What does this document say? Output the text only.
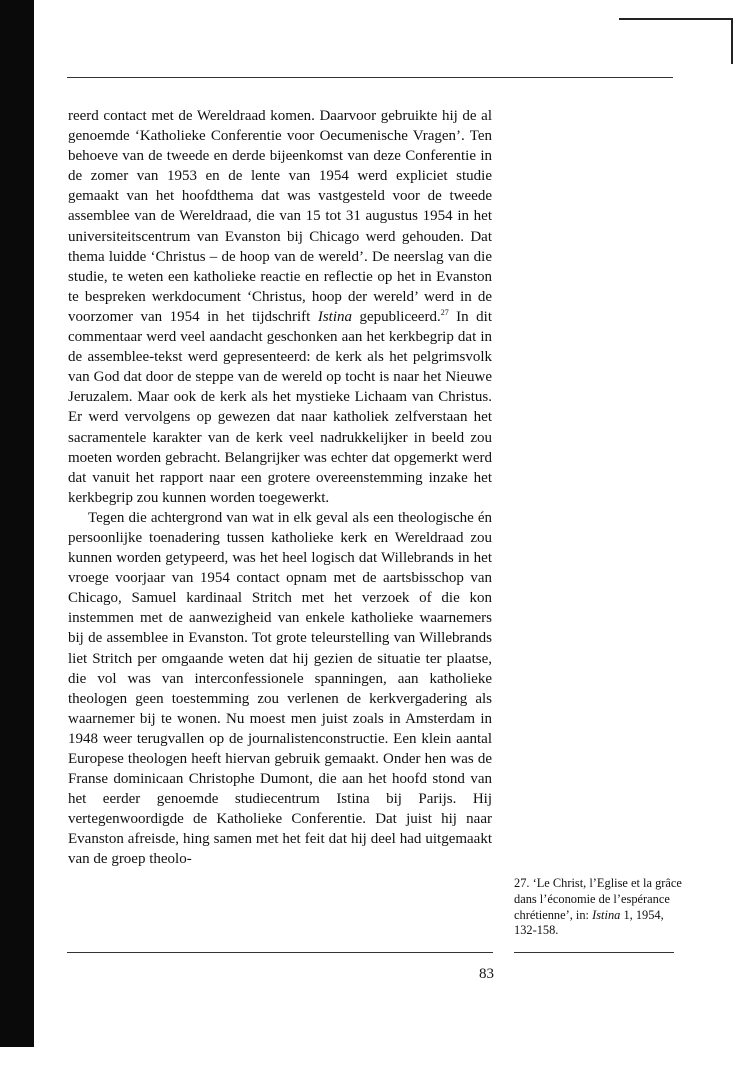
reerd contact met de Wereldraad komen. Daarvoor gebruikte hij de al genoemde ‘Katholieke Conferentie voor Oecumenische Vragen’. Ten behoeve van de tweede en derde bijeenkomst van deze Conferentie in de zomer van 1953 en de lente van 1954 werd expliciet studie gemaakt van het hoofdthema dat was vastgesteld voor de tweede assemblee van de Wereldraad, die van 15 tot 31 augustus 1954 in het universiteitscentrum van Evanston bij Chicago werd gehouden. Dat thema luidde ‘Christus – de hoop van de wereld’. De neerslag van die studie, te weten een katholieke reactie en reflectie op het in Evanston te bespreken werkdocument ‘Christus, hoop der wereld’ werd in de voorzomer van 1954 in het tijdschrift Istina gepubliceerd.$^{27}$ In dit commentaar werd veel aandacht geschonken aan het kerkbegrip dat in de assemblee-tekst werd gepresenteerd: de kerk als het pelgrimsvolk van God dat door de steppe van de wereld op tocht is naar het Nieuwe Jeruzalem. Maar ook de kerk als het mystieke Lichaam van Christus. Er werd vervolgens op gewezen dat naar katholiek zelfverstaan het sacramentele karakter van de kerk veel nadrukkelijker in beeld zou moeten worden gebracht. Belangrijker was echter dat opgemerkt werd dat vanuit het rapport naar een grotere overeenstemming inzake het kerkbegrip zou kunnen worden toegewerkt.

Tegen die achtergrond van wat in elk geval als een theologische én persoonlijke toenadering tussen katholieke kerk en Wereldraad zou kunnen worden getypeerd, was het heel logisch dat Willebrands in het vroege voorjaar van 1954 contact opnam met de aartsbisschop van Chicago, Samuel kardinaal Stritch met het verzoek of die kon instemmen met de aanwezigheid van enkele katholieke waarnemers bij de assemblee in Evanston. Tot grote teleurstelling van Willebrands liet Stritch per omgaande weten dat hij gezien de situatie ter plaatse, die vol was van interconfessionele spanningen, aan katholieke theologen geen toestemming zou verlenen de kerkvergadering als waarnemer bij te wonen. Nu moest men juist zoals in Amsterdam in 1948 weer terugvallen op de journalistenconstructie. Een klein aantal Europese theologen heeft hiervan gebruik gemaakt. Onder hen was de Franse dominicaan Christophe Dumont, die aan het hoofd stond van het eerder genoemde studiecentrum Istina bij Parijs. Hij vertegenwoordigde de Katholieke Conferentie. Dat juist hij naar Evanston afreisde, hing samen met het feit dat hij deel had uitgemaakt van de groep theolo-

27. ‘Le Christ, l’Eglise et la grâce dans l’économie de l’espérance chrétienne’, in: Istina 1, 1954, 132-158.
83
